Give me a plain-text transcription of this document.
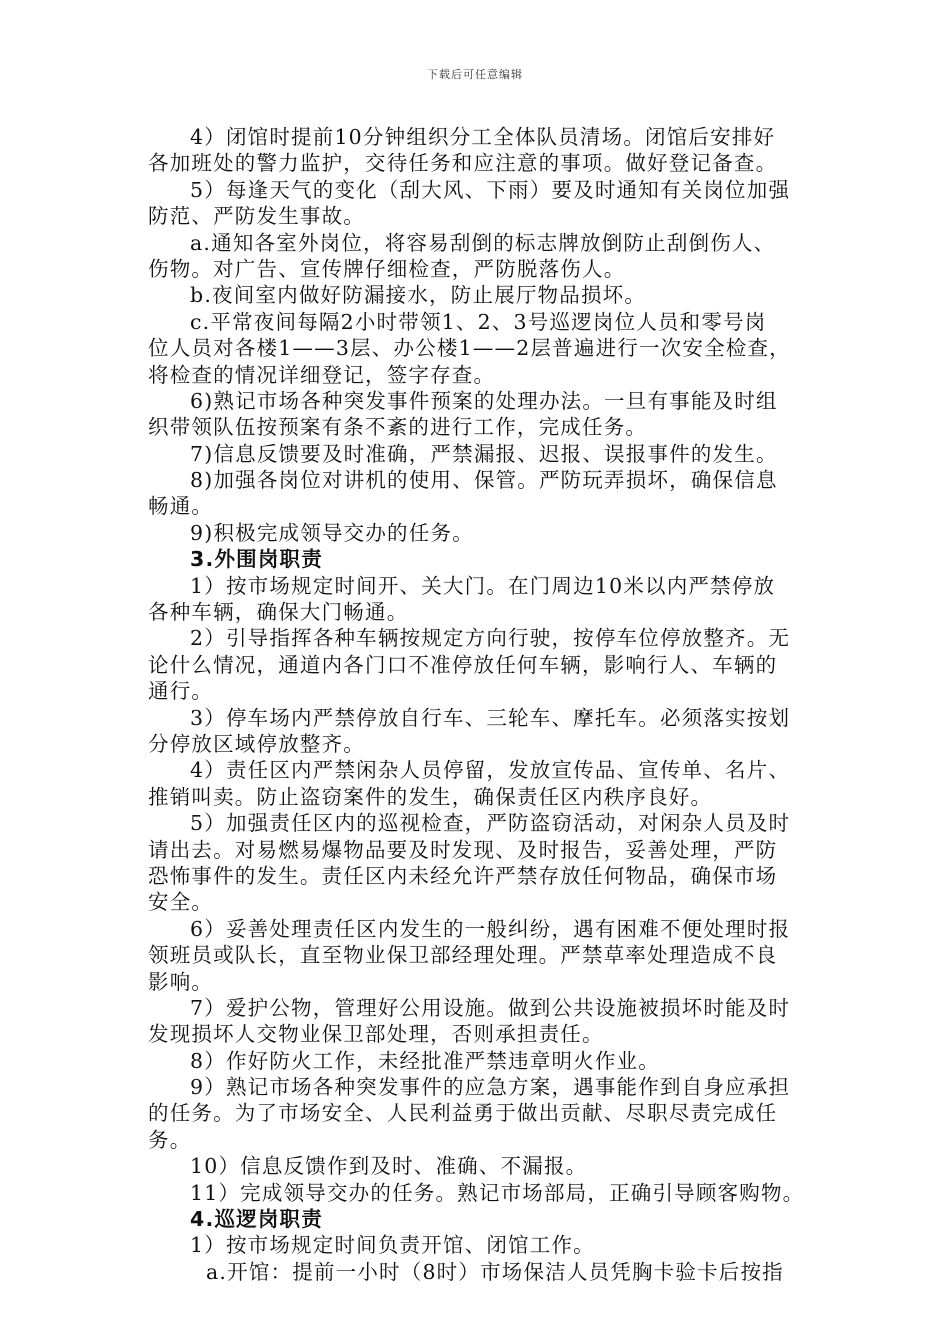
下载后可任意编辑
4）闭馆时提前10分钟组织分工全体队员清场。闭馆后安排好
各加班处的警力监护，交待任务和应注意的事项。做好登记备查。
5）每逢天气的变化（刮大风、下雨）要及时通知有关岗位加强
防范、严防发生事故。
a.通知各室外岗位，将容易刮倒的标志牌放倒防止刮倒伤人、
伤物。对广告、宣传牌仔细检查，严防脱落伤人。
b.夜间室内做好防漏接水，防止展厅物品损坏。
c.平常夜间每隔2小时带领1、2、3号巡逻岗位人员和零号岗
位人员对各楼1——3层、办公楼1——2层普遍进行一次安全检查，
将检查的情况详细登记，签字存查。
6)熟记市场各种突发事件预案的处理办法。一旦有事能及时组
织带领队伍按预案有条不紊的进行工作，完成任务。
7)信息反馈要及时准确，严禁漏报、迟报、误报事件的发生。
8)加强各岗位对讲机的使用、保管。严防玩弄损坏，确保信息
畅通。
9)积极完成领导交办的任务。
3.外围岗职责
1）按市场规定时间开、关大门。在门周边10米以内严禁停放
各种车辆，确保大门畅通。
2）引导指挥各种车辆按规定方向行驶，按停车位停放整齐。无
论什么情况，通道内各门口不准停放任何车辆，影响行人、车辆的
通行。
3）停车场内严禁停放自行车、三轮车、摩托车。必须落实按划
分停放区域停放整齐。
4）责任区内严禁闲杂人员停留，发放宣传品、宣传单、名片、
推销叫卖。防止盗窃案件的发生，确保责任区内秩序良好。
5）加强责任区内的巡视检查，严防盗窃活动，对闲杂人员及时
请出去。对易燃易爆物品要及时发现、及时报告，妥善处理，严防
恐怖事件的发生。责任区内未经允许严禁存放任何物品，确保市场
安全。
6）妥善处理责任区内发生的一般纠纷，遇有困难不便处理时报
领班员或队长，直至物业保卫部经理处理。严禁草率处理造成不良
影响。
7）爱护公物，管理好公用设施。做到公共设施被损坏时能及时
发现损坏人交物业保卫部处理，否则承担责任。
8）作好防火工作，未经批准严禁违章明火作业。
9）熟记市场各种突发事件的应急方案，遇事能作到自身应承担
的任务。为了市场安全、人民利益勇于做出贡献、尽职尽责完成任
务。
10）信息反馈作到及时、准确、不漏报。
11）完成领导交办的任务。熟记市场部局，正确引导顾客购物。
4.巡逻岗职责
1）按市场规定时间负责开馆、闭馆工作。
a.开馆：提前一小时（8时）市场保洁人员凭胸卡验卡后按指
